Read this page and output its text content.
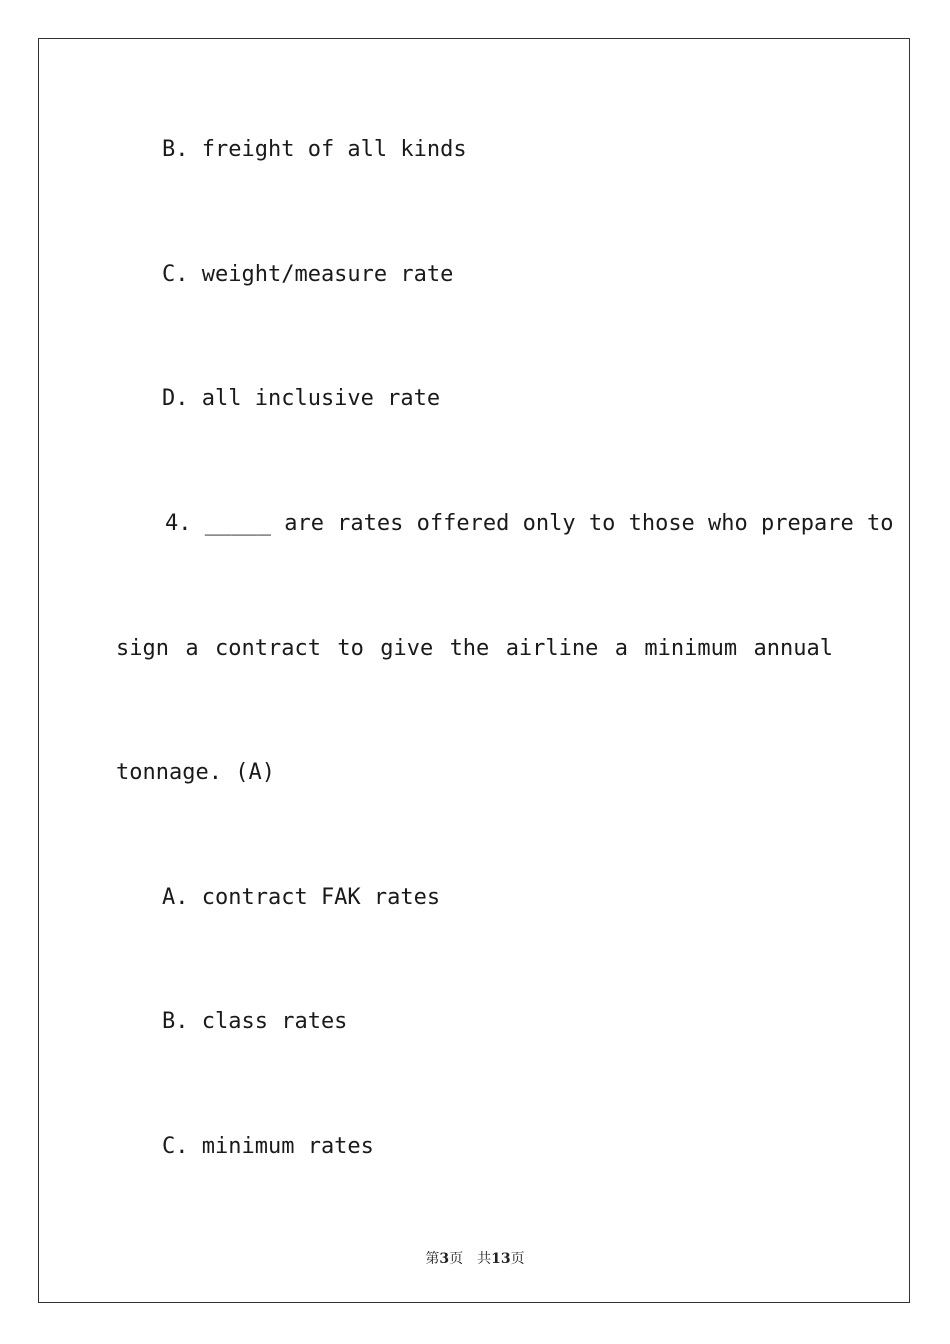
B. freight of all kinds
C. weight/measure rate
D. all inclusive rate
4. _____ are rates offered only to those who prepare to
sign a contract to give the airline a minimum annual
tonnage. (A)
A. contract FAK rates
B. class rates
C. minimum rates
第3页　共13页
